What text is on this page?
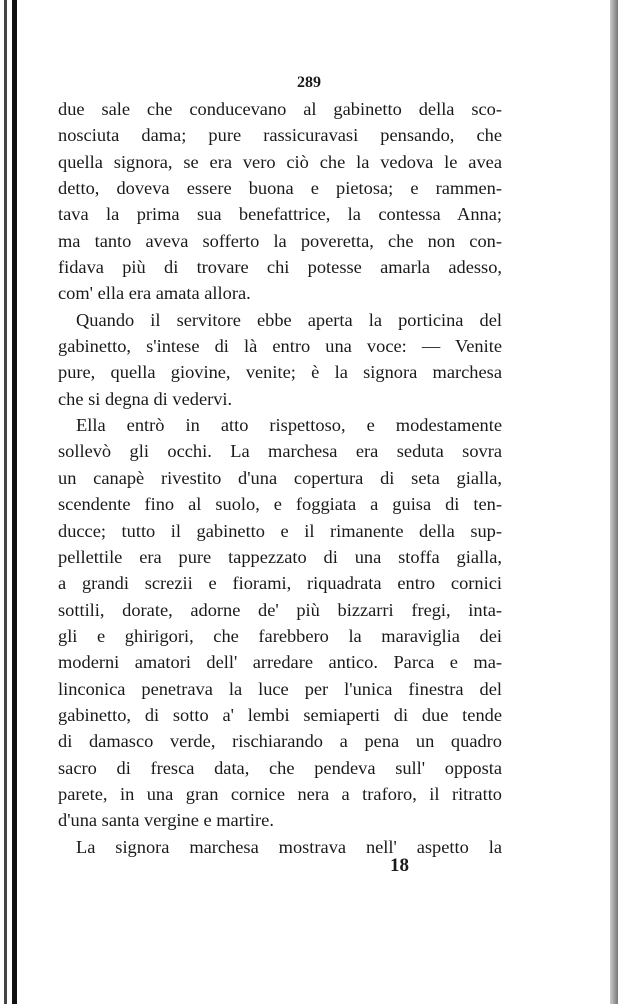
289
due sale che conducevano al gabinetto della sco-
nosciuta dama; pure rassicuravasi pensando, che
quella signora, se era vero ciò che la vedova le avea
detto, doveva essere buona e pietosa; e rammen-
tava la prima sua benefattrice, la contessa Anna;
ma tanto aveva sofferto la poveretta, che non con-
fidava più di trovare chi potesse amarla adesso,
com' ella era amata allora.
Quando il servitore ebbe aperta la porticina del
gabinetto, s'intese di là entro una voce: — Venite
pure, quella giovine, venite; è la signora marchesa
che si degna di vedervi.
Ella entrò in atto rispettoso, e modestamente
sollevò gli occhi. La marchesa era seduta sovra
un canapè rivestito d'una copertura di seta gialla,
scendente fino al suolo, e foggiata a guisa di ten-
ducce; tutto il gabinetto e il rimanente della sup-
pellettile era pure tappezzato di una stoffa gialla,
a grandi screzii e fiorami, riquadrata entro cornici
sottili, dorate, adorne de' più bizzarri fregi, inta-
gli e ghirigori, che farebbero la maraviglia dei
moderni amatori dell' arredare antico. Parca e ma-
linconica penetrava la luce per l'unica finestra del
gabinetto, di sotto a' lembi semiaperti di due tende
di damasco verde, rischiarando a pena un quadro
sacro di fresca data, che pendeva sull' opposta
parete, in una gran cornice nera a traforo, il ritratto
d'una santa vergine e martire.
La signora marchesa mostrava nell' aspetto la
18
